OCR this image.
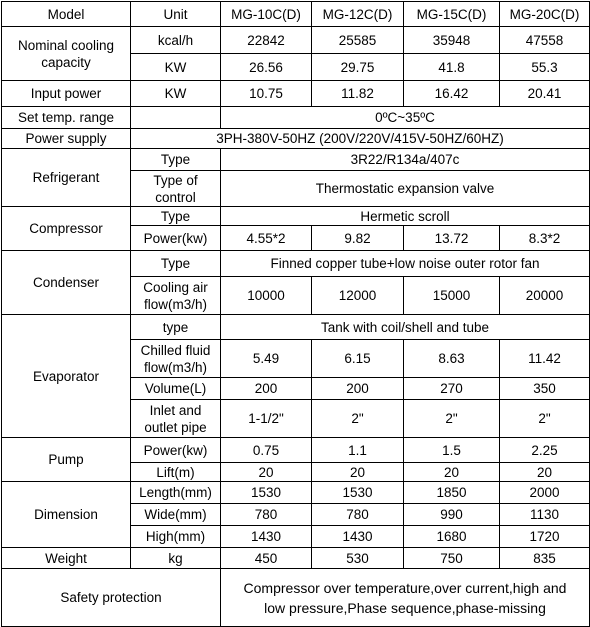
Model	Unit	MG-10C(D)	MG-12C(D)	MG-15C(D)	MG-20C(D)
Nominal cooling
capacity	kcal/h	22842	25585	35948	47558
	KW	26.56	29.75	41.8	55.3
Input power	KW	10.75	11.82	16.42	20.41
Set temp. range		0ºC~35ºC			
Power supply	3PH-380V-50HZ (200V/220V/415V-50HZ/60HZ)				
Refrigerant	Type	3R22/R134a/407c			
	Type of
control	Thermostatic expansion valve			
Compressor	Type	Hermetic scroll			
	Power(kw)	4.55*2	9.82	13.72	8.3*2
Condenser	Type	Finned copper tube+low noise outer rotor fan			
	Cooling air
flow(m3/h)	10000	12000	15000	20000
Evaporator	type	Tank with coil/shell and tube			
	Chilled fluid
flow(m3/h)	5.49	6.15	8.63	11.42
	Volume(L)	200	200	270	350
	Inlet and
outlet pipe	1-1/2"	2"	2"	2"
Pump	Power(kw)	0.75	1.1	1.5	2.25
	Lift(m)	20	20	20	20
Dimension	Length(mm)	1530	1530	1850	2000
	Wide(mm)	780	780	990	1130
	High(mm)	1430	1430	1680	1720
Weight	kg	450	530	750	835
Safety protection		Compressor over temperature,over current,high and
low pressure,Phase sequence,phase-missing			
